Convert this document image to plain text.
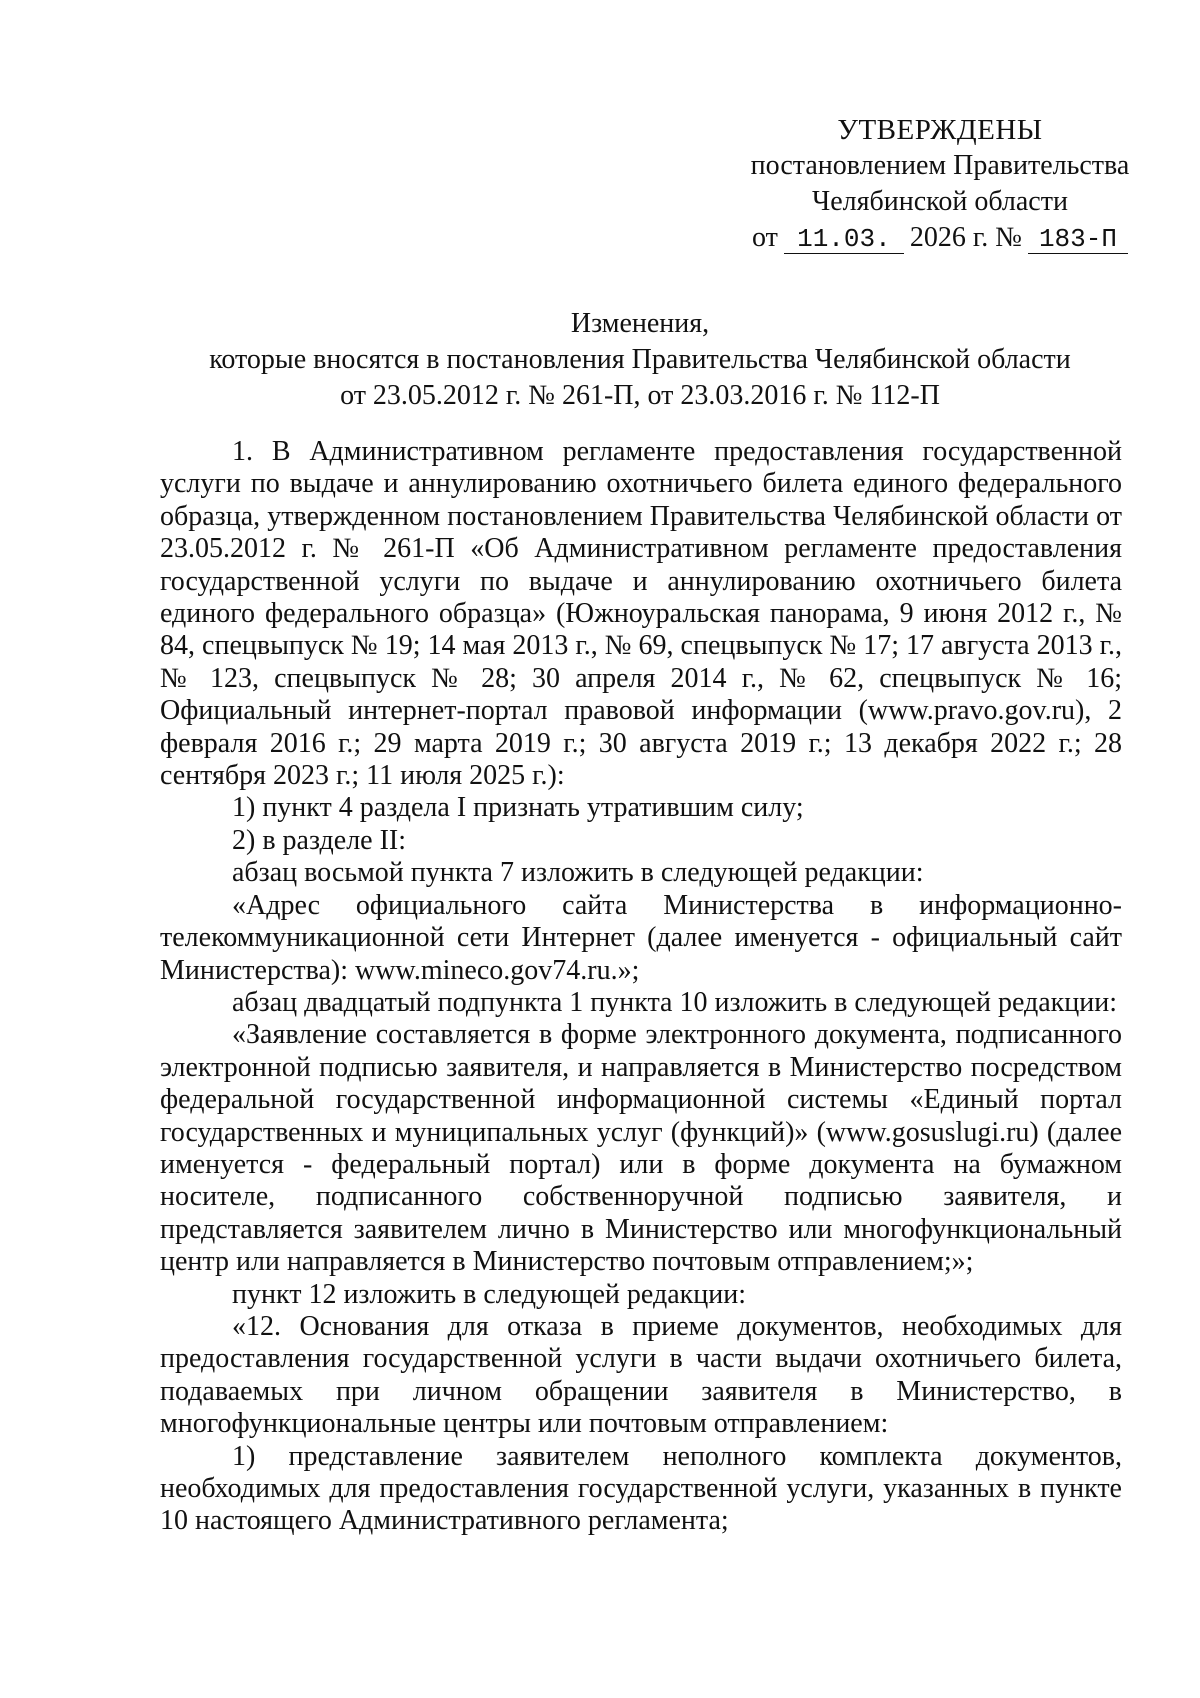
УТВЕРЖДЕНЫ
постановлением Правительства
Челябинской области
от 11.03. 2026 г. № 183-П
Изменения,
которые вносятся в постановления Правительства Челябинской области
от 23.05.2012 г. № 261-П, от 23.03.2016 г. № 112-П

1. В Административном регламенте предоставления государственной услуги по выдаче и аннулированию охотничьего билета единого федерального образца, утвержденном постановлением Правительства Челябинской области от 23.05.2012 г. № 261-П «Об Административном регламенте предоставления государственной услуги по выдаче и аннулированию охотничьего билета единого федерального образца» (Южноуральская панорама, 9 июня 2012 г., № 84, спецвыпуск № 19; 14 мая 2013 г., № 69, спецвыпуск № 17; 17 августа 2013 г., № 123, спецвыпуск № 28; 30 апреля 2014 г., № 62, спецвыпуск № 16; Официальный интернет-портал правовой информации (www.pravo.gov.ru), 2 февраля 2016 г.; 29 марта 2019 г.; 30 августа 2019 г.; 13 декабря 2022 г.; 28 сентября 2023 г.; 11 июля 2025 г.):

1) пункт 4 раздела I признать утратившим силу;

2) в разделе II:

абзац восьмой пункта 7 изложить в следующей редакции:

«Адрес официального сайта Министерства в информационно-телекоммуникационной сети Интернет (далее именуется - официальный сайт Министерства): www.mineco.gov74.ru.»;

абзац двадцатый подпункта 1 пункта 10 изложить в следующей редакции:

«Заявление составляется в форме электронного документа, подписанного электронной подписью заявителя, и направляется в Министерство посредством федеральной государственной информационной системы «Единый портал государственных и муниципальных услуг (функций)» (www.gosuslugi.ru) (далее именуется - федеральный портал) или в форме документа на бумажном носителе, подписанного собственноручной подписью заявителя, и представляется заявителем лично в Министерство или многофункциональный центр или направляется в Министерство почтовым отправлением;»;

пункт 12 изложить в следующей редакции:

«12. Основания для отказа в приеме документов, необходимых для предоставления государственной услуги в части выдачи охотничьего билета, подаваемых при личном обращении заявителя в Министерство, в многофункциональные центры или почтовым отправлением:

1) представление заявителем неполного комплекта документов, необходимых для предоставления государственной услуги, указанных в пункте 10 настоящего Административного регламента;
